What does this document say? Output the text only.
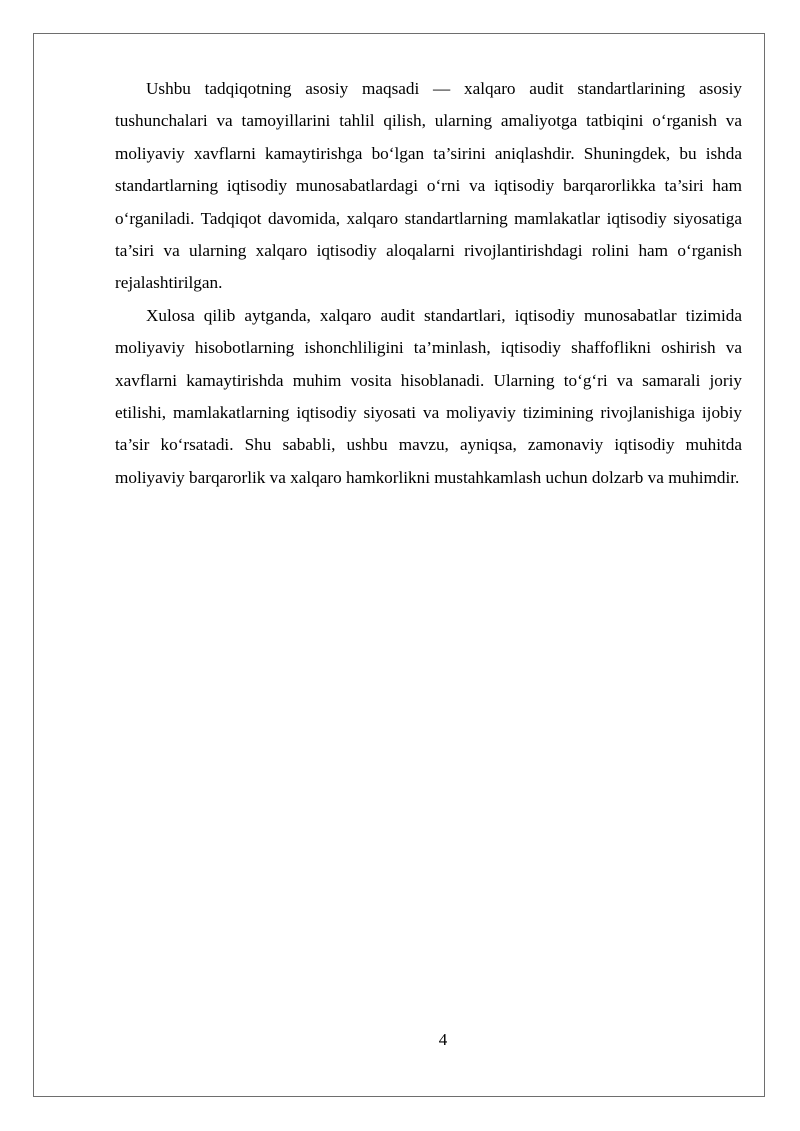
Ushbu tadqiqotning asosiy maqsadi — xalqaro audit standartlarining asosiy tushunchalari va tamoyillarini tahlil qilish, ularning amaliyotga tatbiqini o‘rganish va moliyaviy xavflarni kamaytirishga bo‘lgan ta’sirini aniqlashdir. Shuningdek, bu ishda standartlarning iqtisodiy munosabatlardagi o‘rni va iqtisodiy barqarorlikka ta’siri ham o‘rganiladi. Tadqiqot davomida, xalqaro standartlarning mamlakatlar iqtisodiy siyosatiga ta’siri va ularning xalqaro iqtisodiy aloqalarni rivojlantirishdagi rolini ham o‘rganish rejalashtirilgan.

Xulosa qilib aytganda, xalqaro audit standartlari, iqtisodiy munosabatlar tizimida moliyaviy hisobotlarning ishonchliligini ta’minlash, iqtisodiy shaffoflikni oshirish va xavflarni kamaytirishda muhim vosita hisoblanadi. Ularning to‘g‘ri va samarali joriy etilishi, mamlakatlarning iqtisodiy siyosati va moliyaviy tizimining rivojlanishiga ijobiy ta’sir ko‘rsatadi. Shu sababli, ushbu mavzu, ayniqsa, zamonaviy iqtisodiy muhitda moliyaviy barqarorlik va xalqaro hamkorlikni mustahkamlash uchun dolzarb va muhimdir.

4
